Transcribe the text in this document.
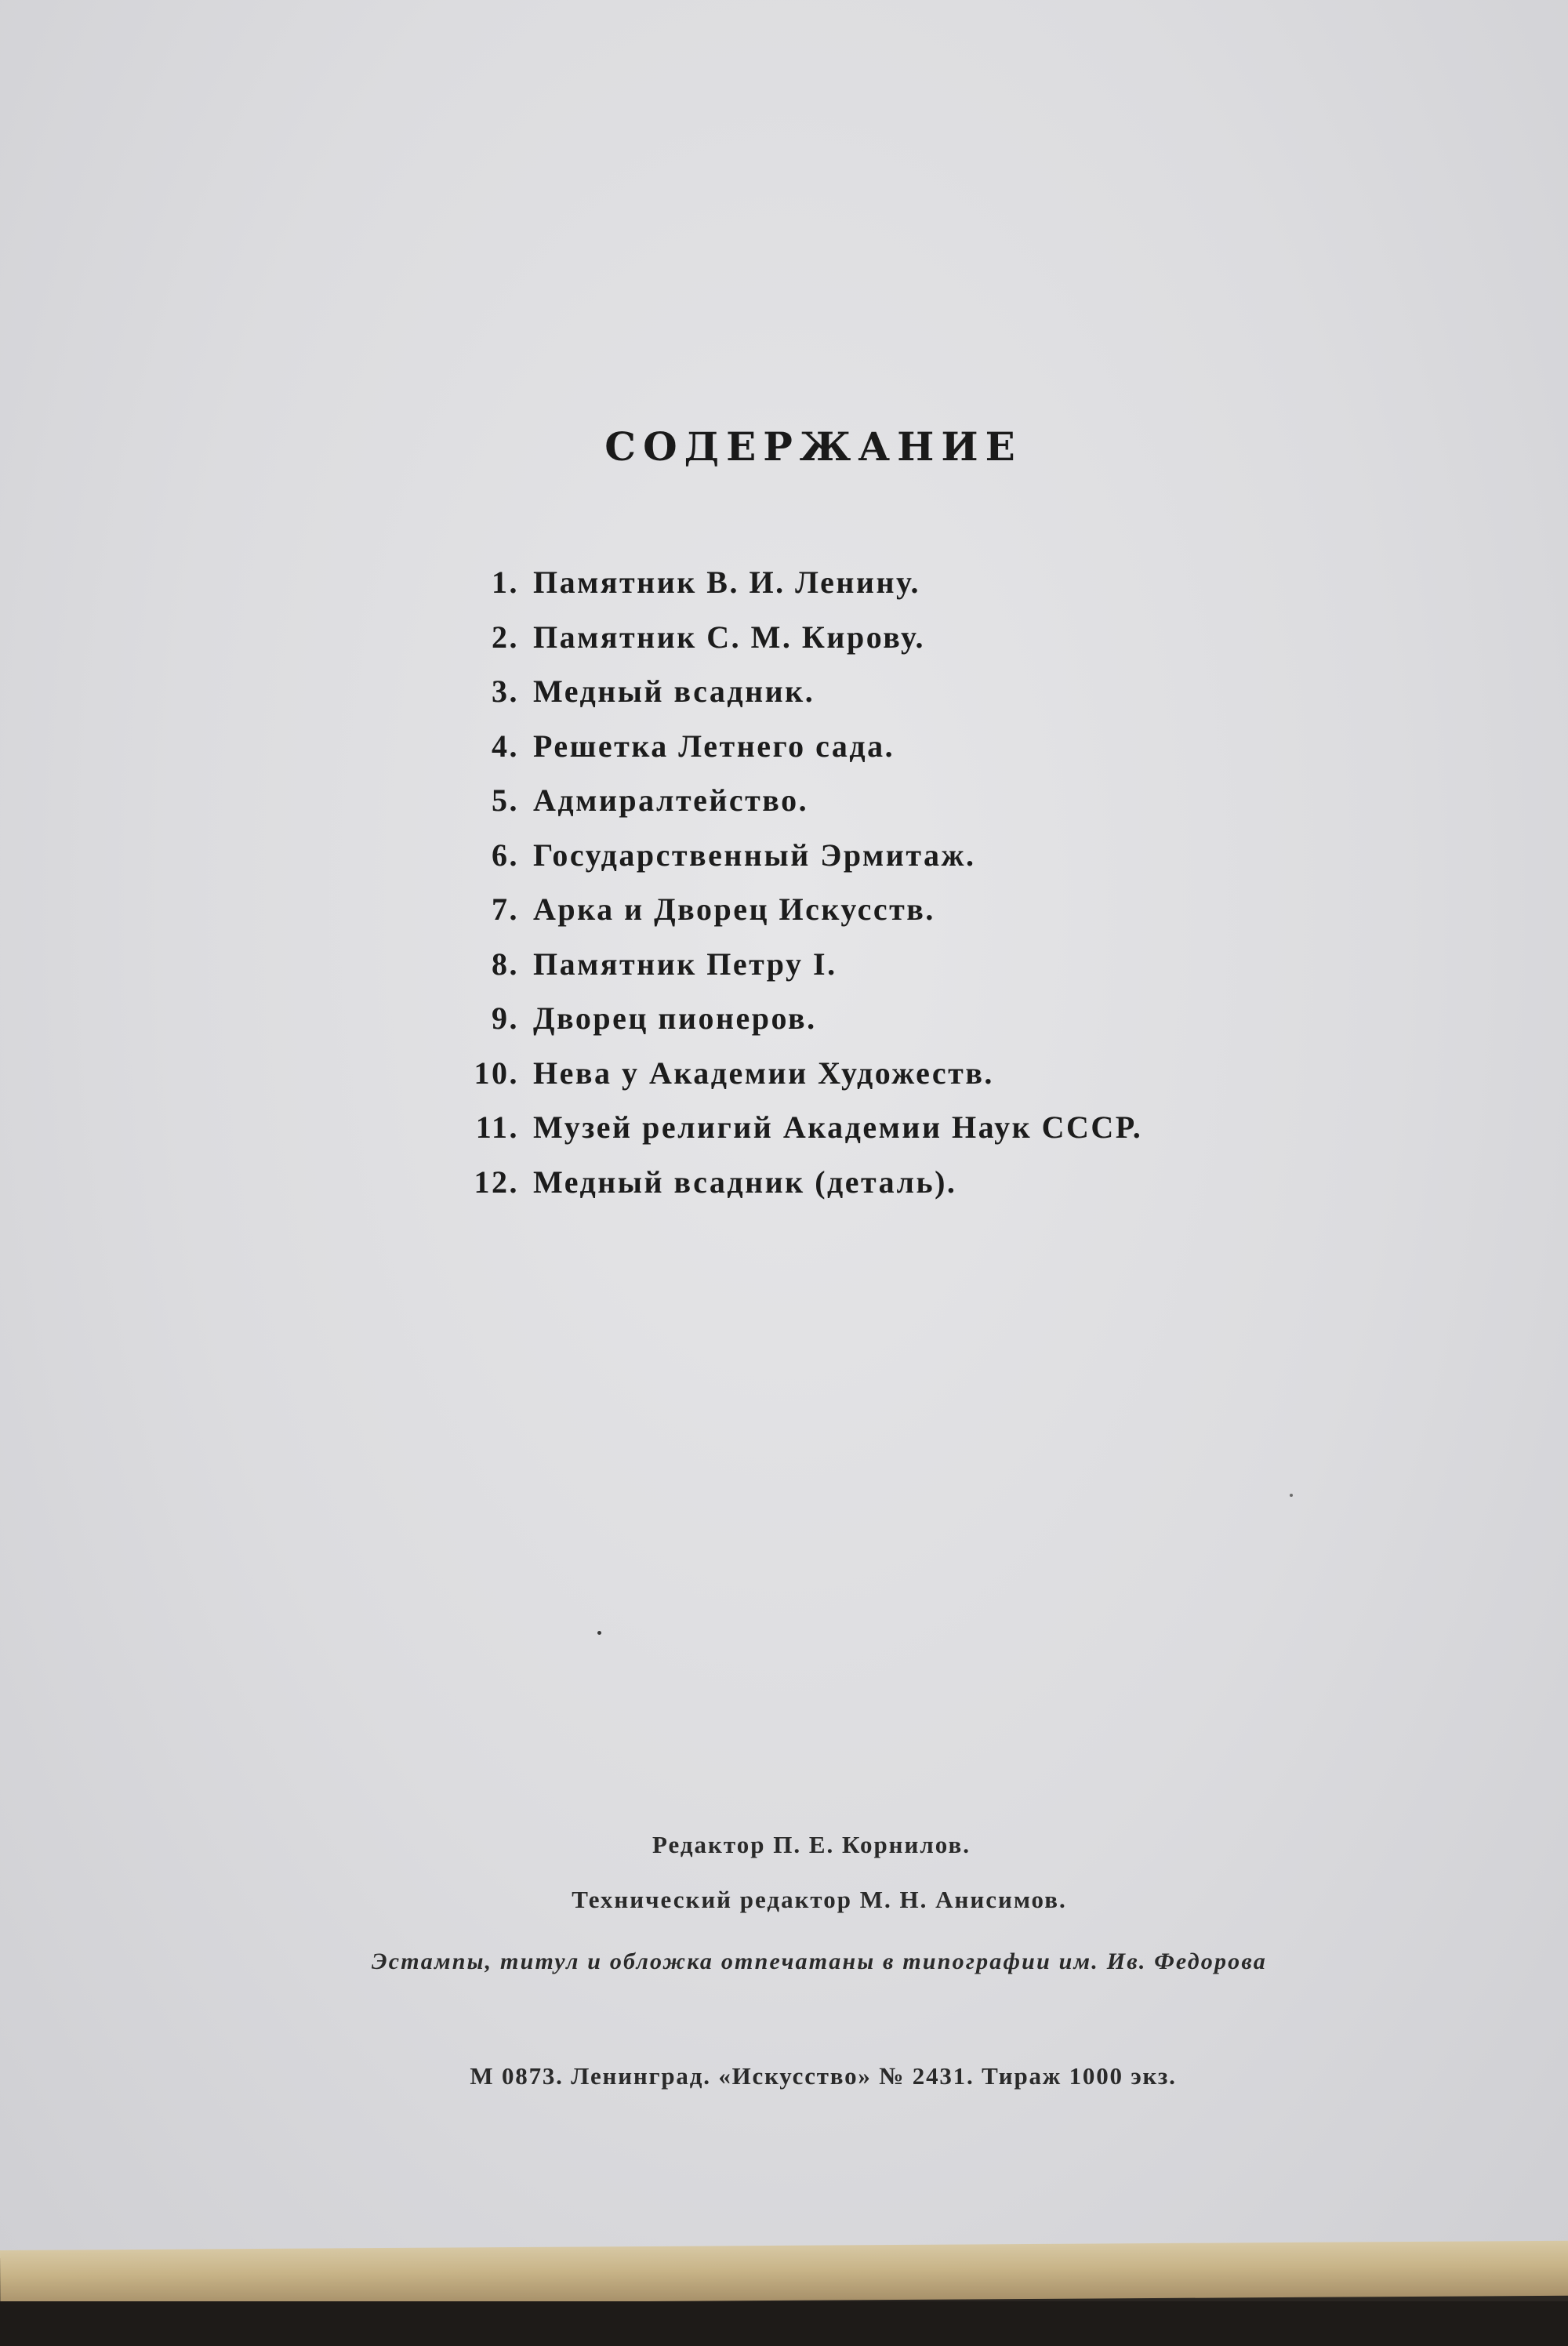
СОДЕРЖАНИЕ
1. Памятник В. И. Ленину.
2. Памятник С. М. Кирову.
3. Медный всадник.
4. Решетка Летнего сада.
5. Адмиралтейство.
6. Государственный Эрмитаж.
7. Арка и Дворец Искусств.
8. Памятник Петру I.
9. Дворец пионеров.
10. Нева у Академии Художеств.
11. Музей религий Академии Наук СССР.
12. Медный всадник (деталь).
Редактор П. Е. Корнилов.
Технический редактор М. Н. Анисимов.
Эстампы, титул и обложка отпечатаны в типографии им. Ив. Федорова
М 0873. Ленинград. «Искусство» № 2431. Тираж 1000 экз.
